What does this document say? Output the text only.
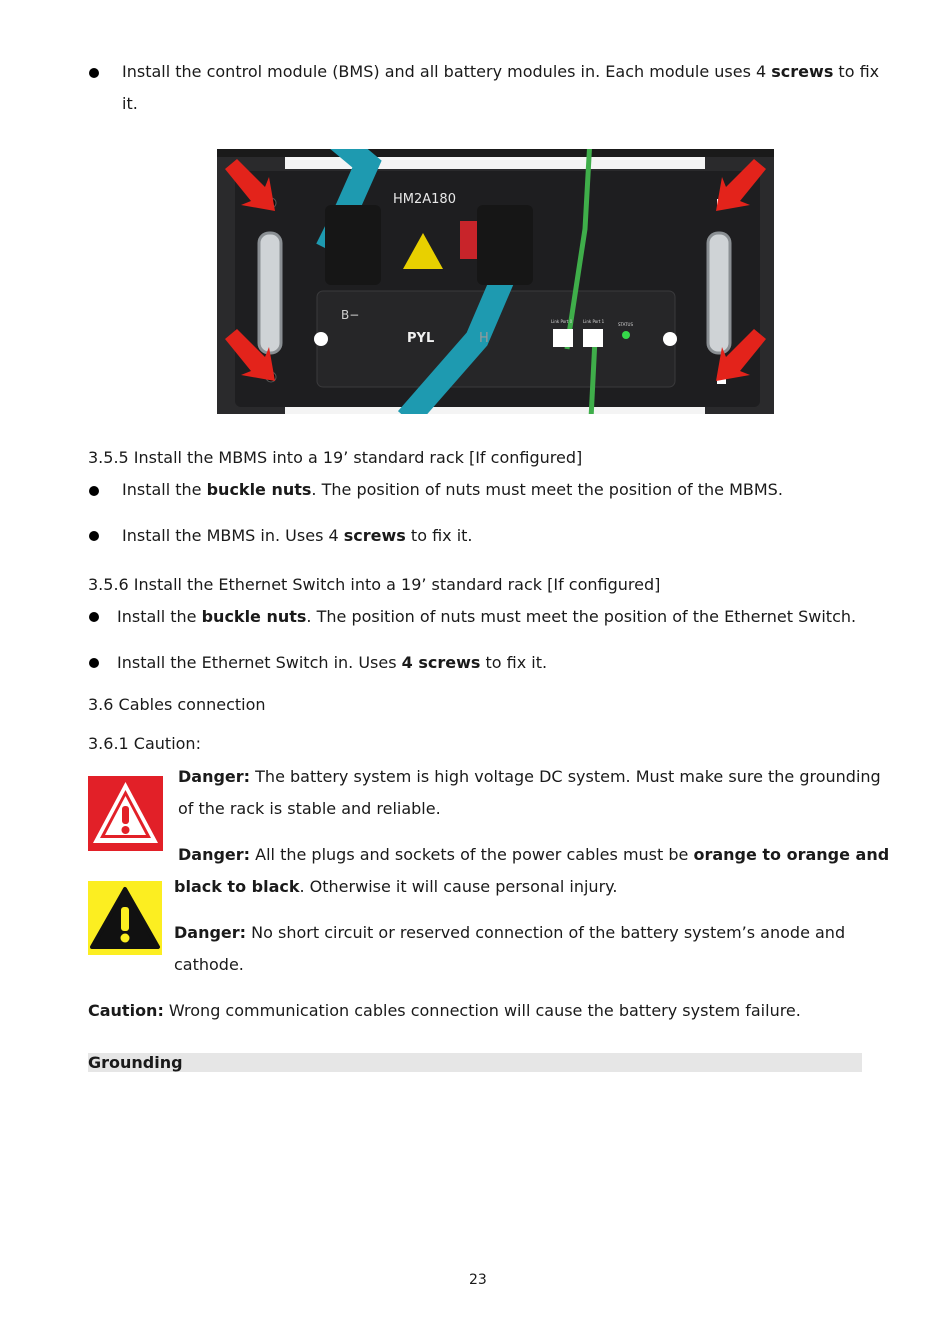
Install the control module (BMS) and all battery modules in. Each module uses 4 screws to fix
it.
HM2A180
B−
PYL	H
Link Port 0	Link Port 1
STATUS
3.5.5 Install the MBMS into a 19’ standard rack [If configured]
Install the buckle nuts. The position of nuts must meet the position of the MBMS.
Install the MBMS in. Uses 4 screws to fix it.
3.5.6 Install the Ethernet Switch into a 19’ standard rack [If configured]
Install the buckle nuts. The position of nuts must meet the position of the Ethernet Switch.
Install the Ethernet Switch in. Uses 4 screws to fix it.
3.6 Cables connection
3.6.1 Caution:
Danger: The battery system is high voltage DC system. Must make sure the grounding
of the rack is stable and reliable.
Danger: All the plugs and sockets of the power cables must be orange to orange and
black to black. Otherwise it will cause personal injury.
Danger: No short circuit or reserved connection of the battery system’s anode and
cathode.
Caution: Wrong communication cables connection will cause the battery system failure.
Grounding
23
